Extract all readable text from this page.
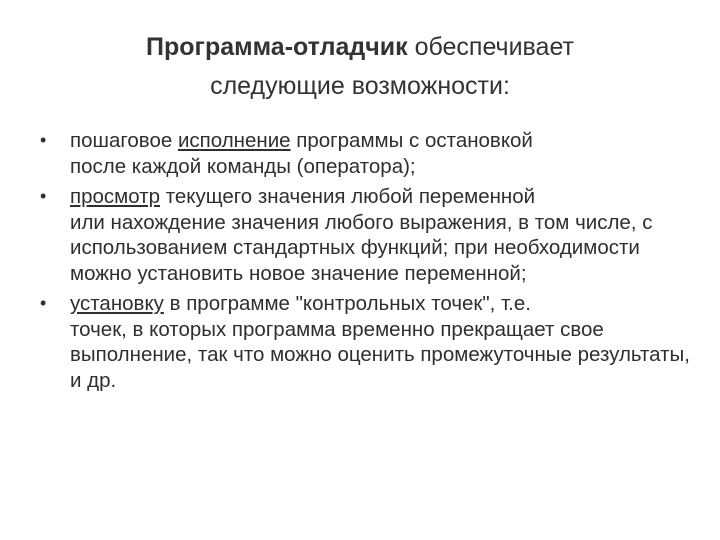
Программа-отладчик обеспечивает
следующие возможности:
•	пошаговое исполнение программы с остановкой
после каждой команды (оператора);
•	просмотр текущего значения любой переменной
или нахождение значения любого выражения, в том числе, с использованием стандартных функций; при необходимости можно установить новое значение переменной;
•	установку в программе "контрольных точек", т.е.
точек, в которых программа временно прекращает свое выполнение, так что можно оценить промежуточные результаты, и др.
